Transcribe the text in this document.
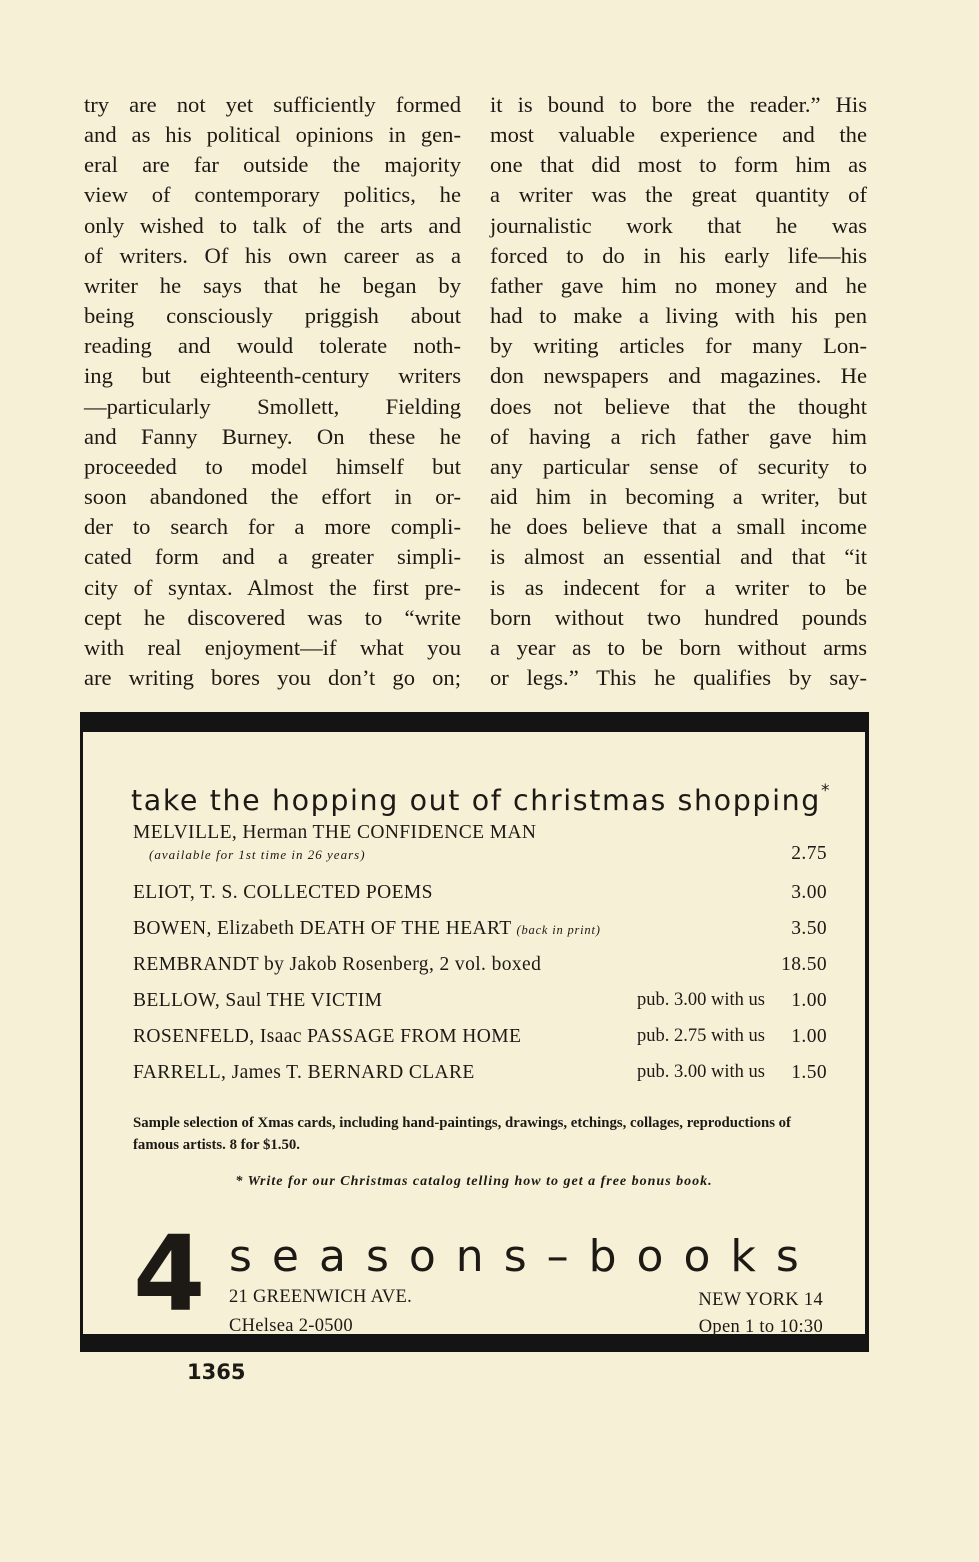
try are not yet sufficiently formed
and as his political opinions in gen-
eral are far outside the majority
view of contemporary politics, he
only wished to talk of the arts and
of writers. Of his own career as a
writer he says that he began by
being consciously priggish about
reading and would tolerate noth-
ing but eighteenth-century writers
—particularly Smollett, Fielding
and Fanny Burney. On these he
proceeded to model himself but
soon abandoned the effort in or-
der to search for a more compli-
cated form and a greater simpli-
city of syntax. Almost the first pre-
cept he discovered was to “write
with real enjoyment—if what you
are writing bores you don’t go on;
it is bound to bore the reader.” His
most valuable experience and the
one that did most to form him as
a writer was the great quantity of
journalistic work that he was
forced to do in his early life—his
father gave him no money and he
had to make a living with his pen
by writing articles for many Lon-
don newspapers and magazines. He
does not believe that the thought
of having a rich father gave him
any particular sense of security to
aid him in becoming a writer, but
he does believe that a small income
is almost an essential and that “it
is as indecent for a writer to be
born without two hundred pounds
a year as to be born without arms
or legs.” This he qualifies by say-
take the hopping out of christmas shopping*
MELVILLE, Herman THE CONFIDENCE MAN
(available for 1st time in 26 years)	2.75
ELIOT, T. S. COLLECTED POEMS	3.00
BOWEN, Elizabeth DEATH OF THE HEART (back in print)	3.50
REMBRANDT by Jakob Rosenberg, 2 vol. boxed	18.50
BELLOW, Saul THE VICTIM	pub. 3.00 with us 1.00
ROSENFELD, Isaac PASSAGE FROM HOME	pub. 2.75 with us 1.00
FARRELL, James T. BERNARD CLARE	pub. 3.00 with us 1.50
Sample selection of Xmas cards, including hand-paintings, drawings, etchings, collages, reproductions of famous artists. 8 for $1.50.
* Write for our Christmas catalog telling how to get a free bonus book.
4 seasons–books
21 GREENWICH AVE.
CHelsea 2-0500
NEW YORK 14
Open 1 to 10:30
1365
